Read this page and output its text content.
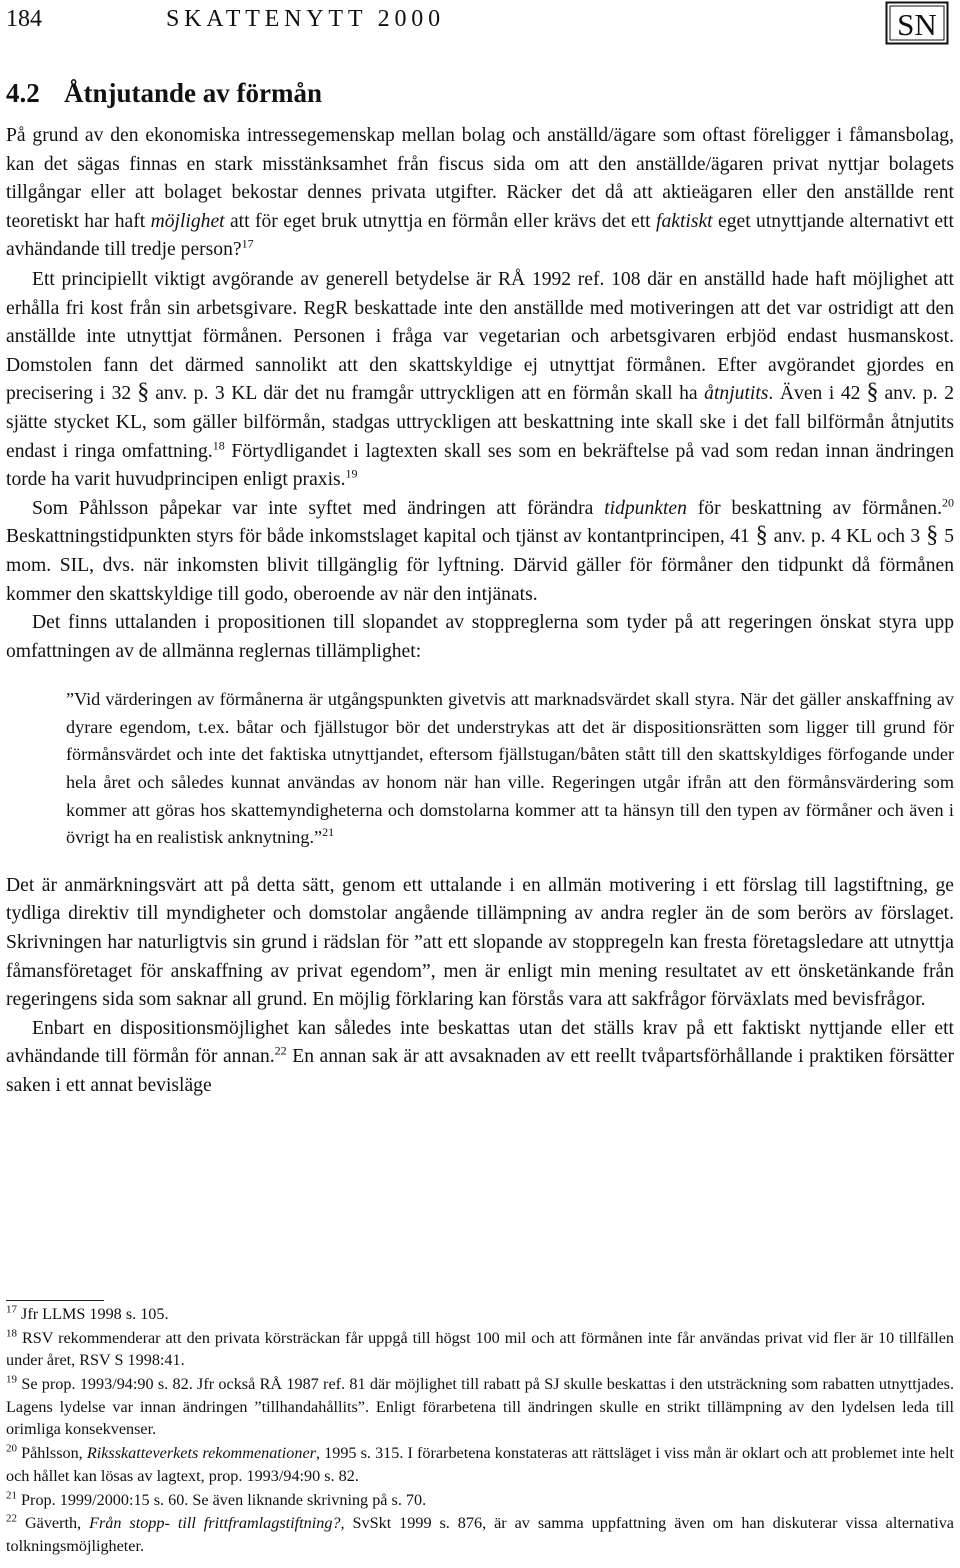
184	SKATTENYTT 2000	SN
4.2 Åtnjutande av förmån

På grund av den ekonomiska intressegemenskap mellan bolag och anställd/ägare som oftast föreligger i fåmansbolag, kan det sägas finnas en stark misstänksamhet från fiscus sida om att den anställde/ägaren privat nyttjar bolagets tillgångar eller att bolaget bekostar dennes privata utgifter. Räcker det då att aktieägaren eller den anställde rent teoretiskt har haft möjlighet att för eget bruk utnyttja en förmån eller krävs det ett faktiskt eget utnyttjande alternativt ett avhändande till tredje person?$^{17}$

Ett principiellt viktigt avgörande av generell betydelse är RÅ 1992 ref. 108 där en anställd hade haft möjlighet att erhålla fri kost från sin arbetsgivare. RegR beskattade inte den anställde med motiveringen att det var ostridigt att den anställde inte utnyttjat förmånen. Personen i fråga var vegetarian och arbetsgivaren erbjöd endast husmanskost. Domstolen fann det därmed sannolikt att den skattskyldige ej utnyttjat förmånen. Efter avgörandet gjordes en precisering i 32 § anv. p. 3 KL där det nu framgår uttryckligen att en förmån skall ha åtnjutits. Även i 42 § anv. p. 2 sjätte stycket KL, som gäller bilförmån, stadgas uttryckligen att beskattning inte skall ske i det fall bilförmån åtnjutits endast i ringa omfattning.$^{18}$ Förtydligandet i lagtexten skall ses som en bekräftelse på vad som redan innan ändringen torde ha varit huvudprincipen enligt praxis.$^{19}$

Som Påhlsson påpekar var inte syftet med ändringen att förändra tidpunkten för beskattning av förmånen.$^{20}$ Beskattningstidpunkten styrs för både inkomstslaget kapital och tjänst av kontantprincipen, 41 § anv. p. 4 KL och 3 § 5 mom. SIL, dvs. när inkomsten blivit tillgänglig för lyftning. Därvid gäller för förmåner den tidpunkt då förmånen kommer den skattskyldige till godo, oberoende av när den intjänats.

Det finns uttalanden i propositionen till slopandet av stoppreglerna som tyder på att regeringen önskat styra upp omfattningen av de allmänna reglernas tillämplighet:

”Vid värderingen av förmånerna är utgångspunkten givetvis att marknadsvärdet skall styra. När det gäller anskaffning av dyrare egendom, t.ex. båtar och fjällstugor bör det understrykas att det är dispositionsrätten som ligger till grund för förmånsvärdet och inte det faktiska utnyttjandet, eftersom fjällstugan/båten stått till den skattskyldiges förfogande under hela året och således kunnat användas av honom när han ville. Regeringen utgår ifrån att den förmånsvärdering som kommer att göras hos skattemyndigheterna och domstolarna kommer att ta hänsyn till den typen av förmåner och även i övrigt ha en realistisk anknytning.”$^{21}$

Det är anmärkningsvärt att på detta sätt, genom ett uttalande i en allmän motivering i ett förslag till lagstiftning, ge tydliga direktiv till myndigheter och domstolar angående tillämpning av andra regler än de som berörs av förslaget. Skrivningen har naturligtvis sin grund i rädslan för ”att ett slopande av stoppregeln kan fresta företagsledare att utnyttja fåmansföretaget för anskaffning av privat egendom”, men är enligt min mening resultatet av ett önsketänkande från regeringens sida som saknar all grund. En möjlig förklaring kan förstås vara att sakfrågor förväxlats med bevisfrågor.

Enbart en dispositionsmöjlighet kan således inte beskattas utan det ställs krav på ett faktiskt nyttjande eller ett avhändande till förmån för annan.$^{22}$ En annan sak är att avsaknaden av ett reellt tvåpartsförhållande i praktiken försätter saken i ett annat bevisläge

$^{17}$ Jfr LLMS 1998 s. 105.

$^{18}$ RSV rekommenderar att den privata körsträckan får uppgå till högst 100 mil och att förmånen inte får användas privat vid fler är 10 tillfällen under året, RSV S 1998:41.

$^{19}$ Se prop. 1993/94:90 s. 82. Jfr också RÅ 1987 ref. 81 där möjlighet till rabatt på SJ skulle beskattas i den utsträckning som rabatten utnyttjades. Lagens lydelse var innan ändringen ”tillhandahållits”. Enligt förarbetena till ändringen skulle en strikt tillämpning av den lydelsen leda till orimliga konsekvenser.

$^{20}$ Påhlsson, Riksskatteverkets rekommenationer, 1995 s. 315. I förarbetena konstateras att rättsläget i viss mån är oklart och att problemet inte helt och hållet kan lösas av lagtext, prop. 1993/94:90 s. 82.

$^{21}$ Prop. 1999/2000:15 s. 60. Se även liknande skrivning på s. 70.

$^{22}$ Gäverth, Från stopp- till frittframlagstiftning?, SvSkt 1999 s. 876, är av samma uppfattning även om han diskuterar vissa alternativa tolkningsmöjligheter.
